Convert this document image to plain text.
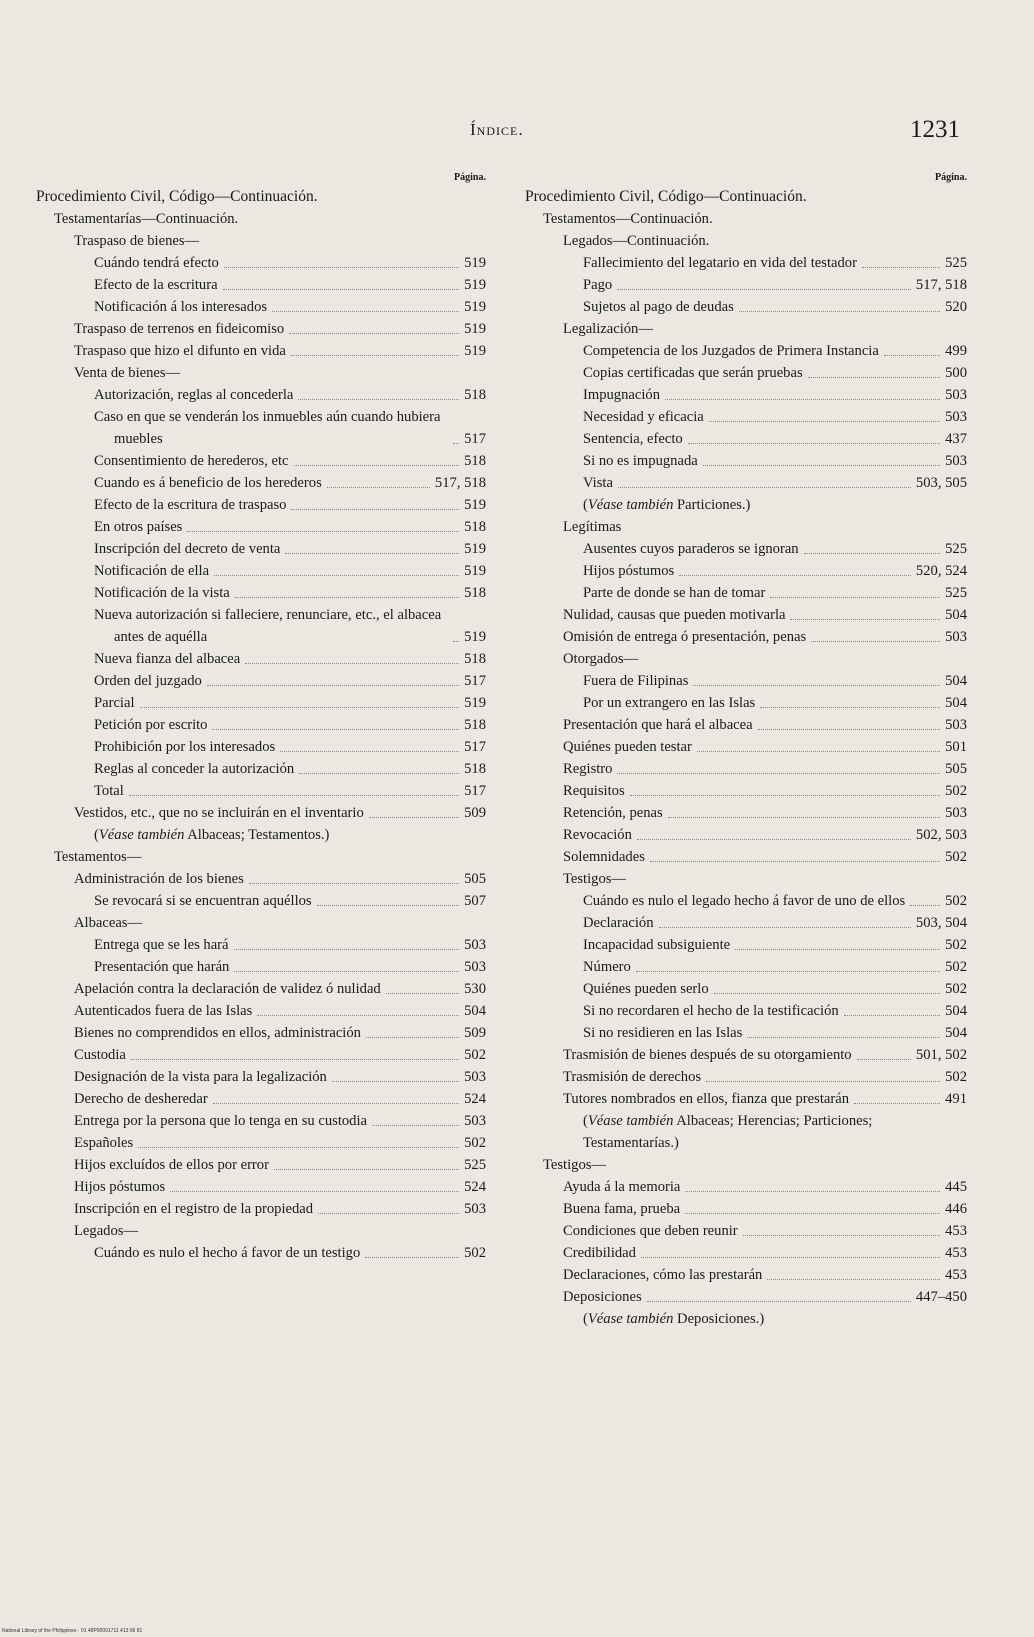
Índice.	1231
Página.
Procedimiento Civil, Código—Continuación.
Testamentarías—Continuación.
Traspaso de bienes—
Cuándo tendrá efecto	519
Efecto de la escritura	519
Notificación á los interesados	519
Traspaso de terrenos en fideicomiso	519
Traspaso que hizo el difunto en vida	519
Venta de bienes—
Autorización, reglas al concederla	518
Caso en que se venderán los inmuebles aún cuando hubiera muebles	517
Consentimiento de herederos, etc	518
Cuando es á beneficio de los herederos	517, 518
Efecto de la escritura de traspaso	519
En otros países	518
Inscripción del decreto de venta	519
Notificación de ella	519
Notificación de la vista	518
Nueva autorización si falleciere, renunciare, etc., el albacea antes de aquélla	519
Nueva fianza del albacea	518
Orden del juzgado	517
Parcial	519
Petición por escrito	518
Prohibición por los interesados	517
Reglas al conceder la autorización	518
Total	517
Vestidos, etc., que no se incluirán en el inventario	509
(Véase también Albaceas; Testamentos.)
Testamentos—
Administración de los bienes	505
Se revocará si se encuentran aquéllos	507
Albaceas—
Entrega que se les hará	503
Presentación que harán	503
Apelación contra la declaración de validez ó nulidad	530
Autenticados fuera de las Islas	504
Bienes no comprendidos en ellos, administración	509
Custodia	502
Designación de la vista para la legalización	503
Derecho de desheredar	524
Entrega por la persona que lo tenga en su custodia	503
Españoles	502
Hijos excluídos de ellos por error	525
Hijos póstumos	524
Inscripción en el registro de la propiedad	503
Legados—
Cuándo es nulo el hecho á favor de un testigo	502
Página.
Procedimiento Civil, Código—Continuación.
Testamentos—Continuación.
Legados—Continuación.
Fallecimiento del legatario en vida del testador	525
Pago	517, 518
Sujetos al pago de deudas	520
Legalización—
Competencia de los Juzgados de Primera Instancia	499
Copias certificadas que serán pruebas	500
Impugnación	503
Necesidad y eficacia	503
Sentencia, efecto	437
Si no es impugnada	503
Vista	503, 505
(Véase también Particiones.)
Legítimas
Ausentes cuyos paraderos se ignoran	525
Hijos póstumos	520, 524
Parte de donde se han de tomar	525
Nulidad, causas que pueden motivarla	504
Omisión de entrega ó presentación, penas	503
Otorgados—
Fuera de Filipinas	504
Por un extrangero en las Islas	504
Presentación que hará el albacea	503
Quiénes pueden testar	501
Registro	505
Requisitos	502
Retención, penas	503
Revocación	502, 503
Solemnidades	502
Testigos—
Cuándo es nulo el legado hecho á favor de uno de ellos	502
Declaración	503, 504
Incapacidad subsiguiente	502
Número	502
Quiénes pueden serlo	502
Si no recordaren el hecho de la testificación	504
Si no residieren en las Islas	504
Trasmisión de bienes después de su otorgamiento	501, 502
Trasmisión de derechos	502
Tutores nombrados en ellos, fianza que prestarán	491
(Véase también Albaceas; Herencias; Particiones; Testamentarías.)
Testigos—
Ayuda á la memoria	445
Buena fama, prueba	446
Condiciones que deben reunir	453
Credibilidad	453
Declaraciones, cómo las prestarán	453
Deposiciones	447–450
(Véase también Deposiciones.)
National Library of the Philippines · 01 48P00001711 413 06 81
